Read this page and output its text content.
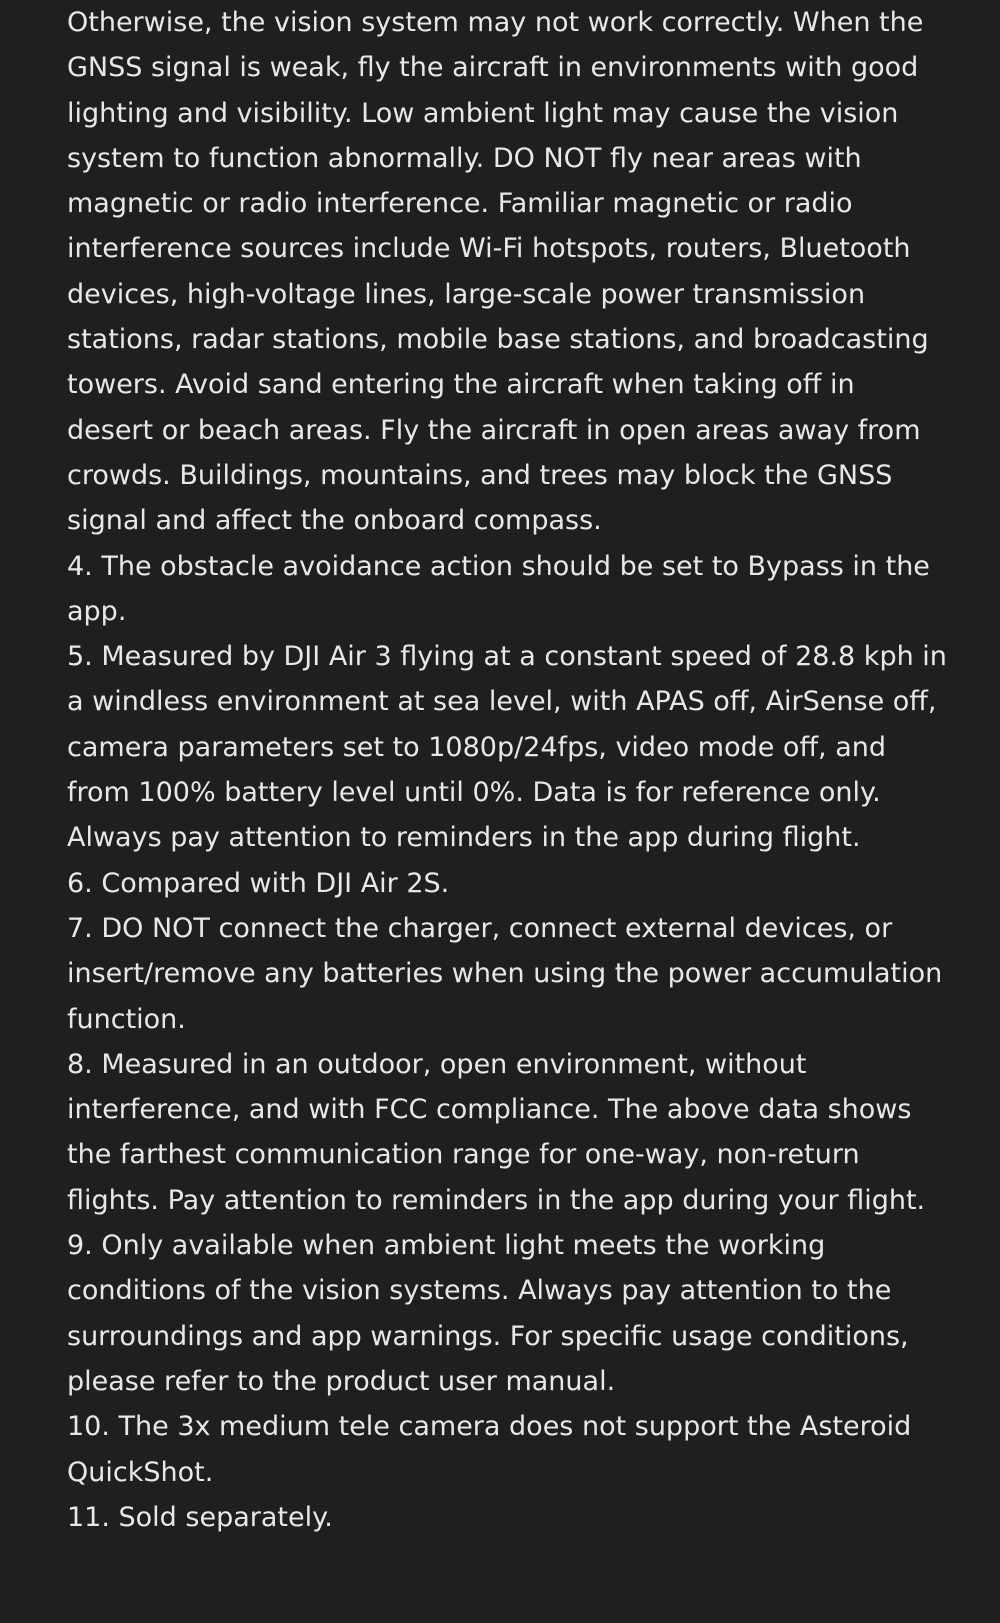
Otherwise, the vision system may not work correctly. When the GNSS signal is weak, fly the aircraft in environments with good lighting and visibility. Low ambient light may cause the vision system to function abnormally. DO NOT fly near areas with magnetic or radio interference. Familiar magnetic or radio interference sources include Wi-Fi hotspots, routers, Bluetooth devices, high-voltage lines, large-scale power transmission stations, radar stations, mobile base stations, and broadcasting towers. Avoid sand entering the aircraft when taking off in desert or beach areas. Fly the aircraft in open areas away from crowds. Buildings, mountains, and trees may block the GNSS signal and affect the onboard compass.

4. The obstacle avoidance action should be set to Bypass in the app.

5. Measured by DJI Air 3 flying at a constant speed of 28.8 kph in a windless environment at sea level, with APAS off, AirSense off, camera parameters set to 1080p/24fps, video mode off, and from 100% battery level until 0%. Data is for reference only. Always pay attention to reminders in the app during flight.

6. Compared with DJI Air 2S.

7. DO NOT connect the charger, connect external devices, or insert/remove any batteries when using the power accumulation function.

8. Measured in an outdoor, open environment, without interference, and with FCC compliance. The above data shows the farthest communication range for one-way, non-return flights. Pay attention to reminders in the app during your flight.

9. Only available when ambient light meets the working conditions of the vision systems. Always pay attention to the surroundings and app warnings. For specific usage conditions, please refer to the product user manual.

10. The 3x medium tele camera does not support the Asteroid QuickShot.

11. Sold separately.
